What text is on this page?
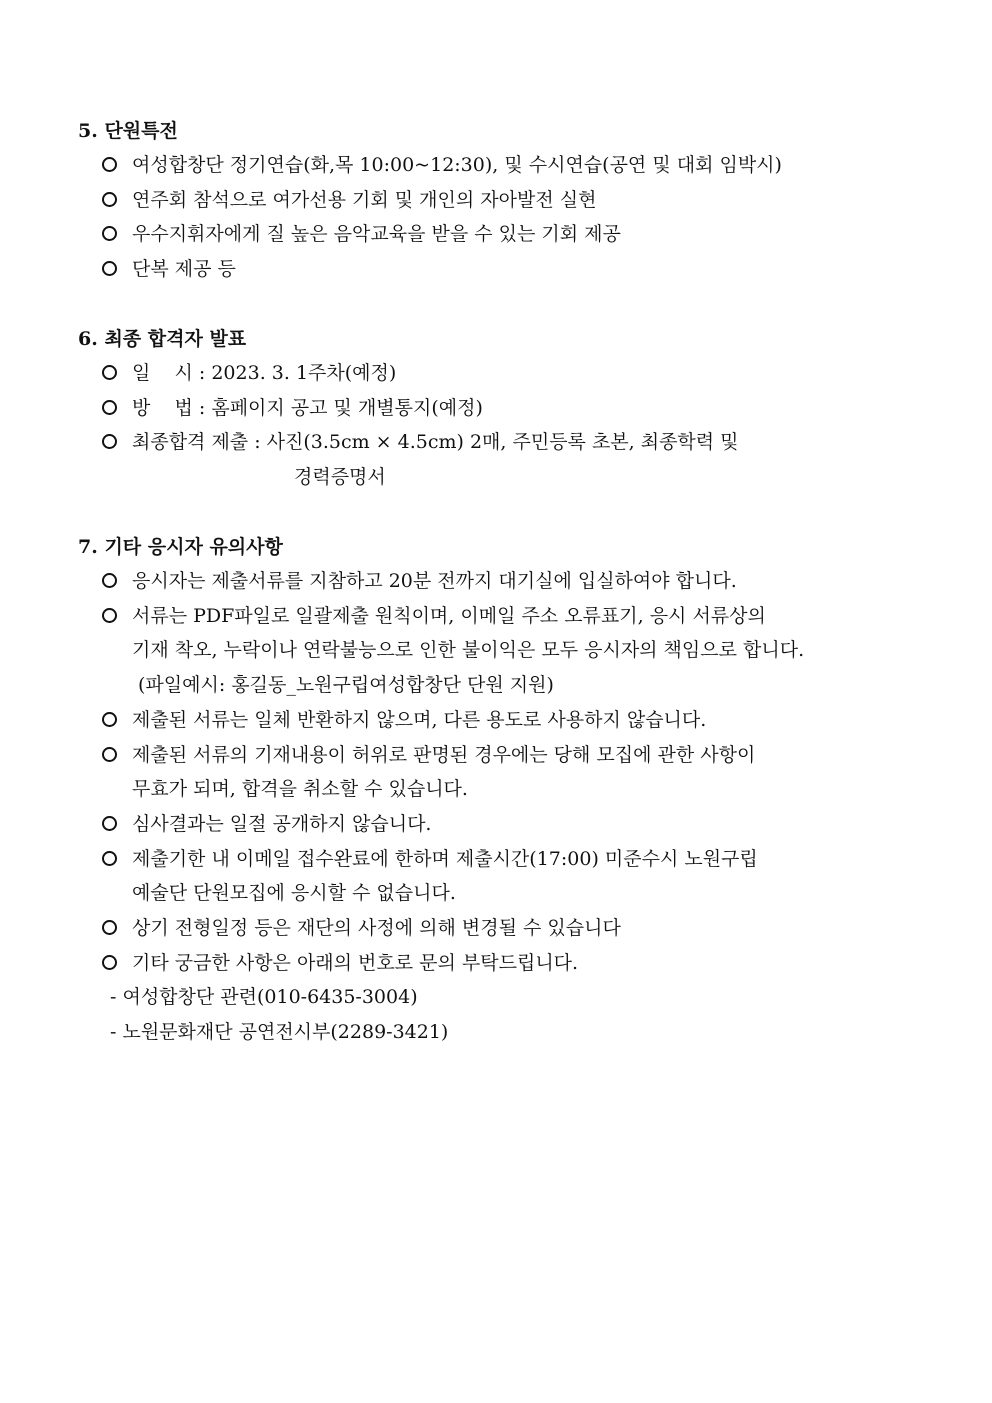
5. 단원특전
여성합창단 정기연습(화,목 10:00~12:30), 및 수시연습(공연 및 대회 임박시)
연주회 참석으로 여가선용 기회 및 개인의 자아발전 실현
우수지휘자에게 질 높은 음악교육을 받을 수 있는 기회 제공
단복 제공 등
6. 최종 합격자 발표
일    시 : 2023. 3. 1주차(예정)
방    법 : 홈페이지 공고 및 개별통지(예정)
최종합격 제출 : 사진(3.5cm × 4.5cm) 2매, 주민등록 초본, 최종학력 및
경력증명서
7. 기타 응시자 유의사항
응시자는 제출서류를 지참하고 20분 전까지 대기실에 입실하여야 합니다.
서류는 PDF파일로 일괄제출 원칙이며, 이메일 주소 오류표기, 응시 서류상의
기재 착오, 누락이나 연락불능으로 인한 불이익은 모두 응시자의 책임으로 합니다.
(파일예시: 홍길동_노원구립여성합창단 단원 지원)
제출된 서류는 일체 반환하지 않으며, 다른 용도로 사용하지 않습니다.
제출된 서류의 기재내용이 허위로 판명된 경우에는 당해 모집에 관한 사항이
무효가 되며, 합격을 취소할 수 있습니다.
심사결과는 일절 공개하지 않습니다.
제출기한 내 이메일 접수완료에 한하며 제출시간(17:00) 미준수시 노원구립
예술단 단원모집에 응시할 수 없습니다.
상기 전형일정 등은 재단의 사정에 의해 변경될 수 있습니다
기타 궁금한 사항은 아래의 번호로 문의 부탁드립니다.
- 여성합창단 관련(010-6435-3004)
- 노원문화재단 공연전시부(2289-3421)
